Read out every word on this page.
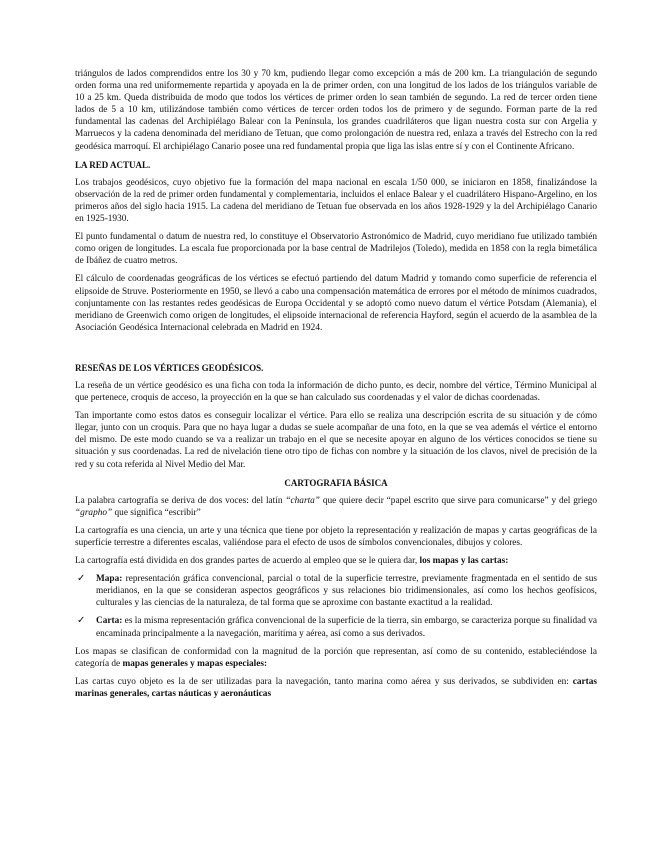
triángulos de lados comprendidos entre los 30 y 70 km, pudiendo llegar como excepción a más de 200 km. La triangulación de segundo orden forma una red uniformemente repartida y apoyada en la de primer orden, con una longitud de los lados de los triángulos variable de 10 a 25 km. Queda distribuida de modo que todos los vértices de primer orden lo sean también de segundo. La red de tercer orden tiene lados de 5 a 10 km, utilizándose también como vértices de tercer orden todos los de primero y de segundo. Forman parte de la red fundamental las cadenas del Archipiélago Balear con la Península, los grandes cuadriláteros que ligan nuestra costa sur con Argelia y Marruecos y la cadena denominada del meridiano de Tetuan, que como prolongación de nuestra red, enlaza a través del Estrecho con la red geodésica marroquí. El archipiélago Canario posee una red fundamental propia que liga las islas entre sí y con el Continente Africano.

LA RED ACTUAL.

Los trabajos geodésicos, cuyo objetivo fue la formación del mapa nacional en escala 1/50 000, se iniciaron en 1858, finalizándose la observación de la red de primer orden fundamental y complementaria, incluidos el enlace Balear y el cuadrilátero Hispano-Argelino, en los primeros años del siglo hacia 1915. La cadena del meridiano de Tetuan fue observada en los años 1928-1929 y la del Archipiélago Canario en 1925-1930.

El punto fundamental o datum de nuestra red, lo constituye el Observatorio Astronómico de Madrid, cuyo meridiano fue utilizado también como origen de longitudes. La escala fue proporcionada por la base central de Madrilejos (Toledo), medida en 1858 con la regla bimetálica de Ibáñez de cuatro metros.

El cálculo de coordenadas geográficas de los vértices se efectuó partiendo del datum Madrid y tomando como superficie de referencia el elipsoide de Struve. Posteriormente en 1950, se llevó a cabo una compensación matemática de errores por el método de mínimos cuadrados, conjuntamente con las restantes redes geodésicas de Europa Occidental y se adoptó como nuevo datum el vértice Potsdam (Alemania), el meridiano de Greenwich como origen de longitudes, el elipsoide internacional de referencia Hayford, según el acuerdo de la asamblea de la Asociación Geodésica Internacional celebrada en Madrid en 1924.

RESEÑAS DE LOS VÉRTICES GEODÉSICOS.

La reseña de un vértice geodésico es una ficha con toda la información de dicho punto, es decir, nombre del vértice, Término Municipal al que pertenece, croquis de acceso, la proyección en la que se han calculado sus coordenadas y el valor de dichas coordenadas.

Tan importante como estos datos es conseguir localizar el vértice. Para ello se realiza una descripción escrita de su situación y de cómo llegar, junto con un croquis. Para que no haya lugar a dudas se suele acompañar de una foto, en la que se vea además el vértice el entorno del mismo. De este modo cuando se va a realizar un trabajo en el que se necesite apoyar en alguno de los vértices conocidos se tiene su situación y sus coordenadas. La red de nivelación tiene otro tipo de fichas con nombre y la situación de los clavos, nivel de precisión de la red y su cota referida al Nivel Medio del Mar.

CARTOGRAFIA BÁSICA

La palabra cartografía se deriva de dos voces: del latín “charta” que quiere decir “papel escrito que sirve para comunicarse” y del griego “grapho” que significa “escribir”

La cartografía es una ciencia, un arte y una técnica que tiene por objeto la representación y realización de mapas y cartas geográficas de la superficie terrestre a diferentes escalas, valiéndose para el efecto de usos de símbolos convencionales, dibujos y colores.

La cartografía está dividida en dos grandes partes de acuerdo al empleo que se le quiera dar, los mapas y las cartas:

✓ Mapa: representación gráfica convencional, parcial o total de la superficie terrestre, previamente fragmentada en el sentido de sus meridianos, en la que se consideran aspectos geográficos y sus relaciones bio tridimensionales, así como los hechos geofísicos, culturales y las ciencias de la naturaleza, de tal forma que se aproxime con bastante exactitud a la realidad.
✓ Carta: es la misma representación gráfica convencional de la superficie de la tierra, sin embargo, se caracteriza porque su finalidad va encaminada principalmente a la navegación, marítima y aérea, así como a sus derivados.

Los mapas se clasifican de conformidad con la magnitud de la porción que representan, así como de su contenido, estableciéndose la categoría de mapas generales y mapas especiales:

Las cartas cuyo objeto es la de ser utilizadas para la navegación, tanto marina como aérea y sus derivados, se subdividen en: cartas marinas generales, cartas náuticas y aeronáuticas
